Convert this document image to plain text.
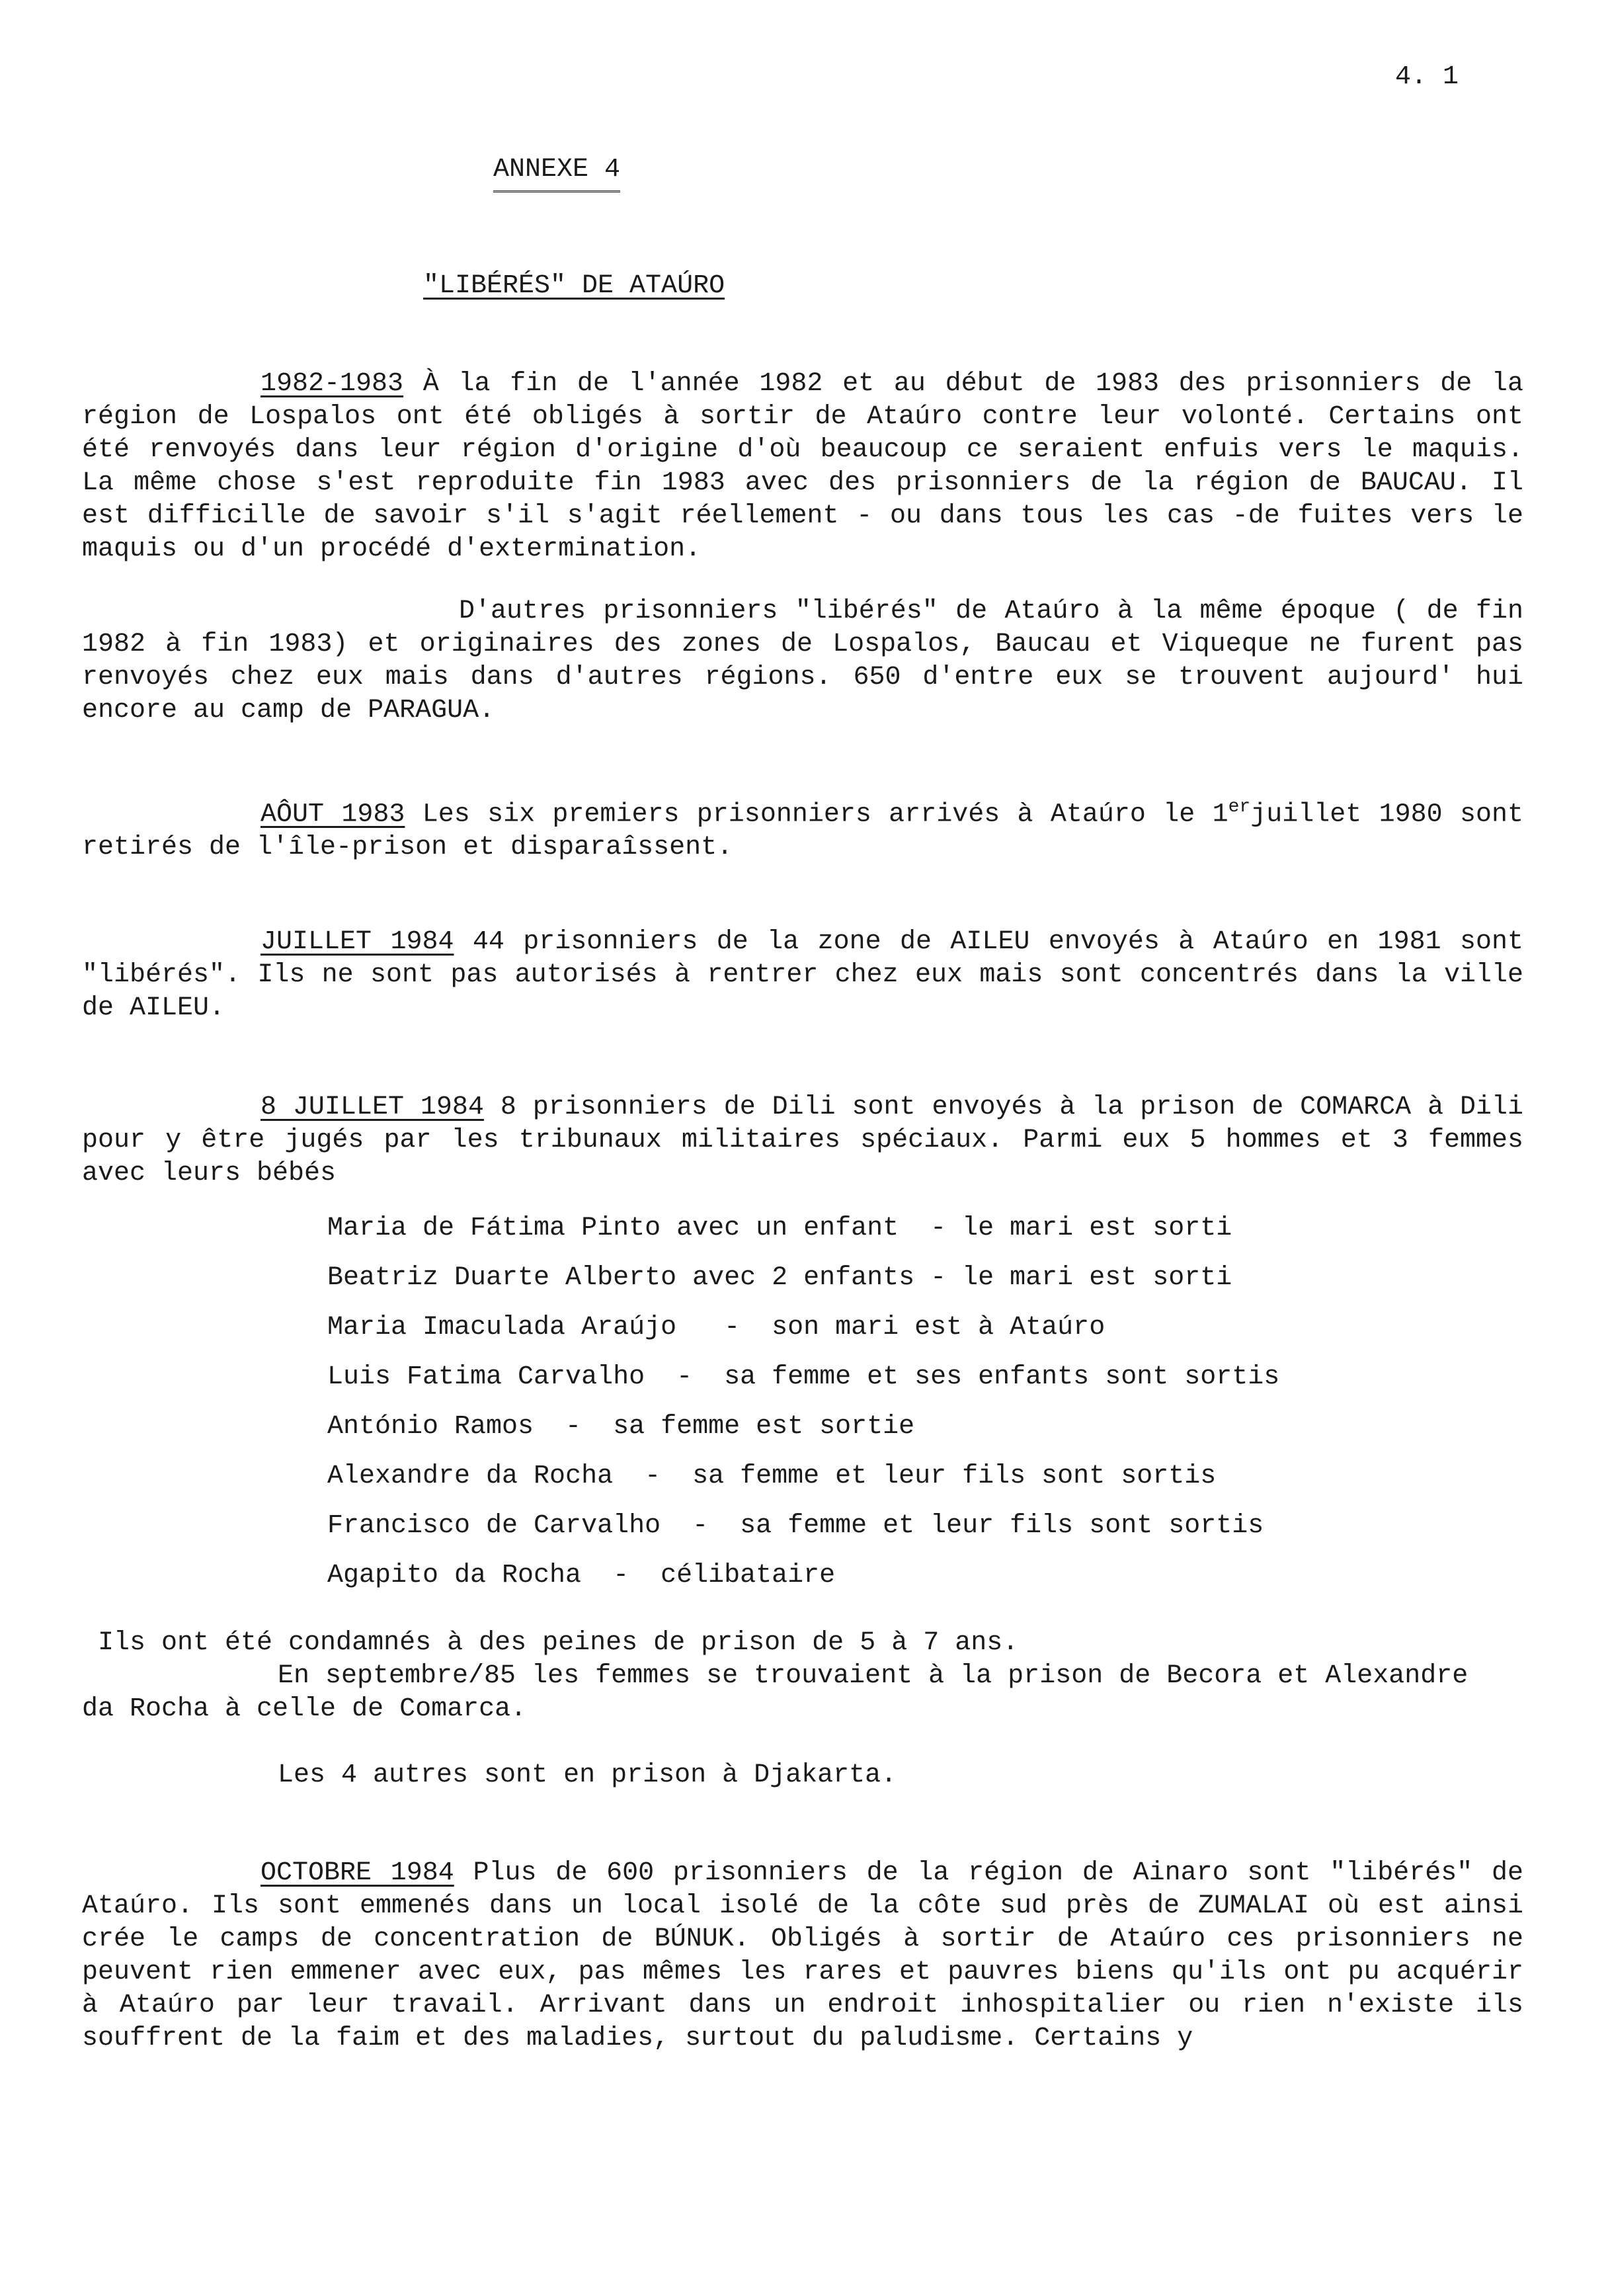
4. 1
ANNEXE 4
"LIBÉRÉS" DE ATAÚRO
1982-1983 À la fin de l'année 1982 et au début de 1983 des prisonniers de la région de Lospalos ont été obligés à sortir de Ataúro contre leur volonté. Certains ont été renvoyés dans leur région d'origine d'où beaucoup ce seraient enfuis vers le maquis. La même chose s'est reproduite fin 1983 avec des prisonniers de la région de BAUCAU. Il est difficille de savoir s'il s'agit réellement - ou dans tous les cas -de fuites vers le maquis ou d'un procédé d'extermination.
D'autres prisonniers "libérés" de Ataúro à la même époque ( de fin 1982 à fin 1983) et originaires des zones de Lospalos, Baucau et Viqueque ne furent pas renvoyés chez eux mais dans d'autres régions. 650 d'entre eux se trouvent aujourd' hui encore au camp de PARAGUA.
AÔUT 1983 Les six premiers prisonniers arrivés à Ataúro le 1erjuillet 1980 sont retirés de l'île-prison et disparaîssent.
JUILLET 1984 44 prisonniers de la zone de AILEU envoyés à Ataúro en 1981 sont "libérés". Ils ne sont pas autorisés à rentrer chez eux mais sont concentrés dans la ville de AILEU.
8 JUILLET 1984 8 prisonniers de Dili sont envoyés à la prison de COMARCA à Dili pour y être jugés par les tribunaux militaires spéciaux. Parmi eux 5 hommes et 3 femmes avec leurs bébés
Maria de Fátima Pinto avec un enfant  - le mari est sorti
Beatriz Duarte Alberto avec 2 enfants - le mari est sorti
Maria Imaculada Araújo   -  son mari est à Ataúro
Luis Fatima Carvalho  -  sa femme et ses enfants sont sortis
António Ramos  -  sa femme est sortie
Alexandre da Rocha  -  sa femme et leur fils sont sortis
Francisco de Carvalho  -  sa femme et leur fils sont sortis
Agapito da Rocha  -  célibataire
Ils ont été condamnés à des peines de prison de 5 à 7 ans.
En septembre/85 les femmes se trouvaient à la prison de Becora et Alexandre
da Rocha à celle de Comarca.
Les 4 autres sont en prison à Djakarta.
OCTOBRE 1984 Plus de 600 prisonniers de la région de Ainaro sont "libérés" de Ataúro. Ils sont emmenés dans un local isolé de la côte sud près de ZUMALAI où est ainsi crée le camps de concentration de BÚNUK. Obligés à sortir de Ataúro ces prisonniers ne peuvent rien emmener avec eux, pas mêmes les rares et pauvres biens qu'ils ont pu acquérir à Ataúro par leur travail. Arrivant dans un endroit inhospitalier ou rien n'existe ils souffrent de la faim et des maladies, surtout du paludisme. Certains y
